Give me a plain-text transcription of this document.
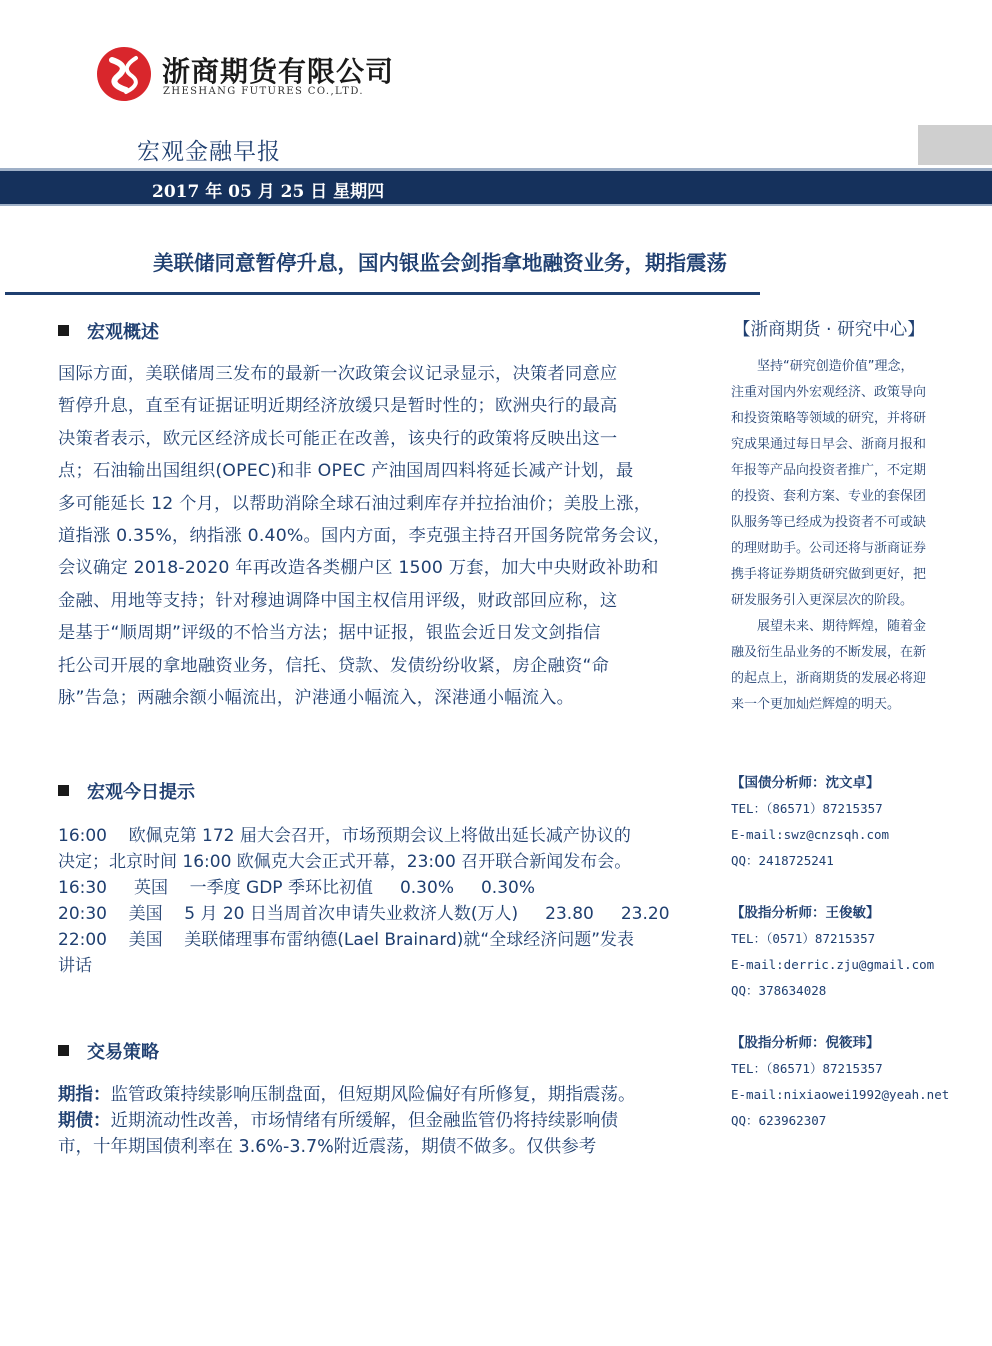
浙商期货有限公司
ZHESHANG FUTURES CO.,LTD.
宏观金融早报
2017 年 05 月 25 日 星期四
美联储同意暂停升息，国内银监会剑指拿地融资业务，期指震荡
宏观概述
国际方面，美联储周三发布的最新一次政策会议记录显示，决策者同意应
暂停升息，直至有证据证明近期经济放缓只是暂时性的；欧洲央行的最高
决策者表示，欧元区经济成长可能正在改善，该央行的政策将反映出这一
点；石油输出国组织(OPEC)和非 OPEC 产油国周四料将延长减产计划，最
多可能延长 12 个月，以帮助消除全球石油过剩库存并拉抬油价；美股上涨，
道指涨 0.35%，纳指涨 0.40%。国内方面，李克强主持召开国务院常务会议，
会议确定 2018-2020 年再改造各类棚户区 1500 万套，加大中央财政补助和
金融、用地等支持；针对穆迪调降中国主权信用评级，财政部回应称，这
是基于“顺周期”评级的不恰当方法；据中证报，银监会近日发文剑指信
托公司开展的拿地融资业务，信托、贷款、发债纷纷收紧，房企融资“命
脉”告急；两融余额小幅流出，沪港通小幅流入，深港通小幅流入。
宏观今日提示
16:00    欧佩克第 172 届大会召开，市场预期会议上将做出延长减产协议的
决定；北京时间 16:00 欧佩克大会正式开幕，23:00 召开联合新闻发布会。
16:30     英国    一季度 GDP 季环比初值     0.30%     0.30%
20:30    美国    5 月 20 日当周首次申请失业救济人数(万人)     23.80     23.20
22:00    美国    美联储理事布雷纳德(Lael Brainard)就“全球经济问题”发表
讲话
交易策略
期指：监管政策持续影响压制盘面，但短期风险偏好有所修复，期指震荡。
期债：近期流动性改善，市场情绪有所缓解，但金融监管仍将持续影响债
市，十年期国债利率在 3.6%-3.7%附近震荡，期债不做多。仅供参考
【浙商期货 · 研究中心】
坚持“研究创造价值”理念，
注重对国内外宏观经济、政策导向
和投资策略等领域的研究，并将研
究成果通过每日早会、浙商月报和
年报等产品向投资者推广，不定期
的投资、套利方案、专业的套保团
队服务等已经成为投资者不可或缺
的理财助手。公司还将与浙商证券
携手将证券期货研究做到更好，把
研发服务引入更深层次的阶段。
展望未来、期待辉煌，随着金
融及衍生品业务的不断发展，在新
的起点上，浙商期货的发展必将迎
来一个更加灿烂辉煌的明天。
【国债分析师：沈文卓】
TEL：（86571）87215357
E-mail:swz@cnzsqh.com
QQ：2418725241
【股指分析师：王俊敏】
TEL：（0571）87215357
E-mail:derric.zju@gmail.com
QQ：378634028
【股指分析师：倪筱玮】
TEL：（86571）87215357
E-mail:nixiaowei1992@yeah.net
QQ：623962307
